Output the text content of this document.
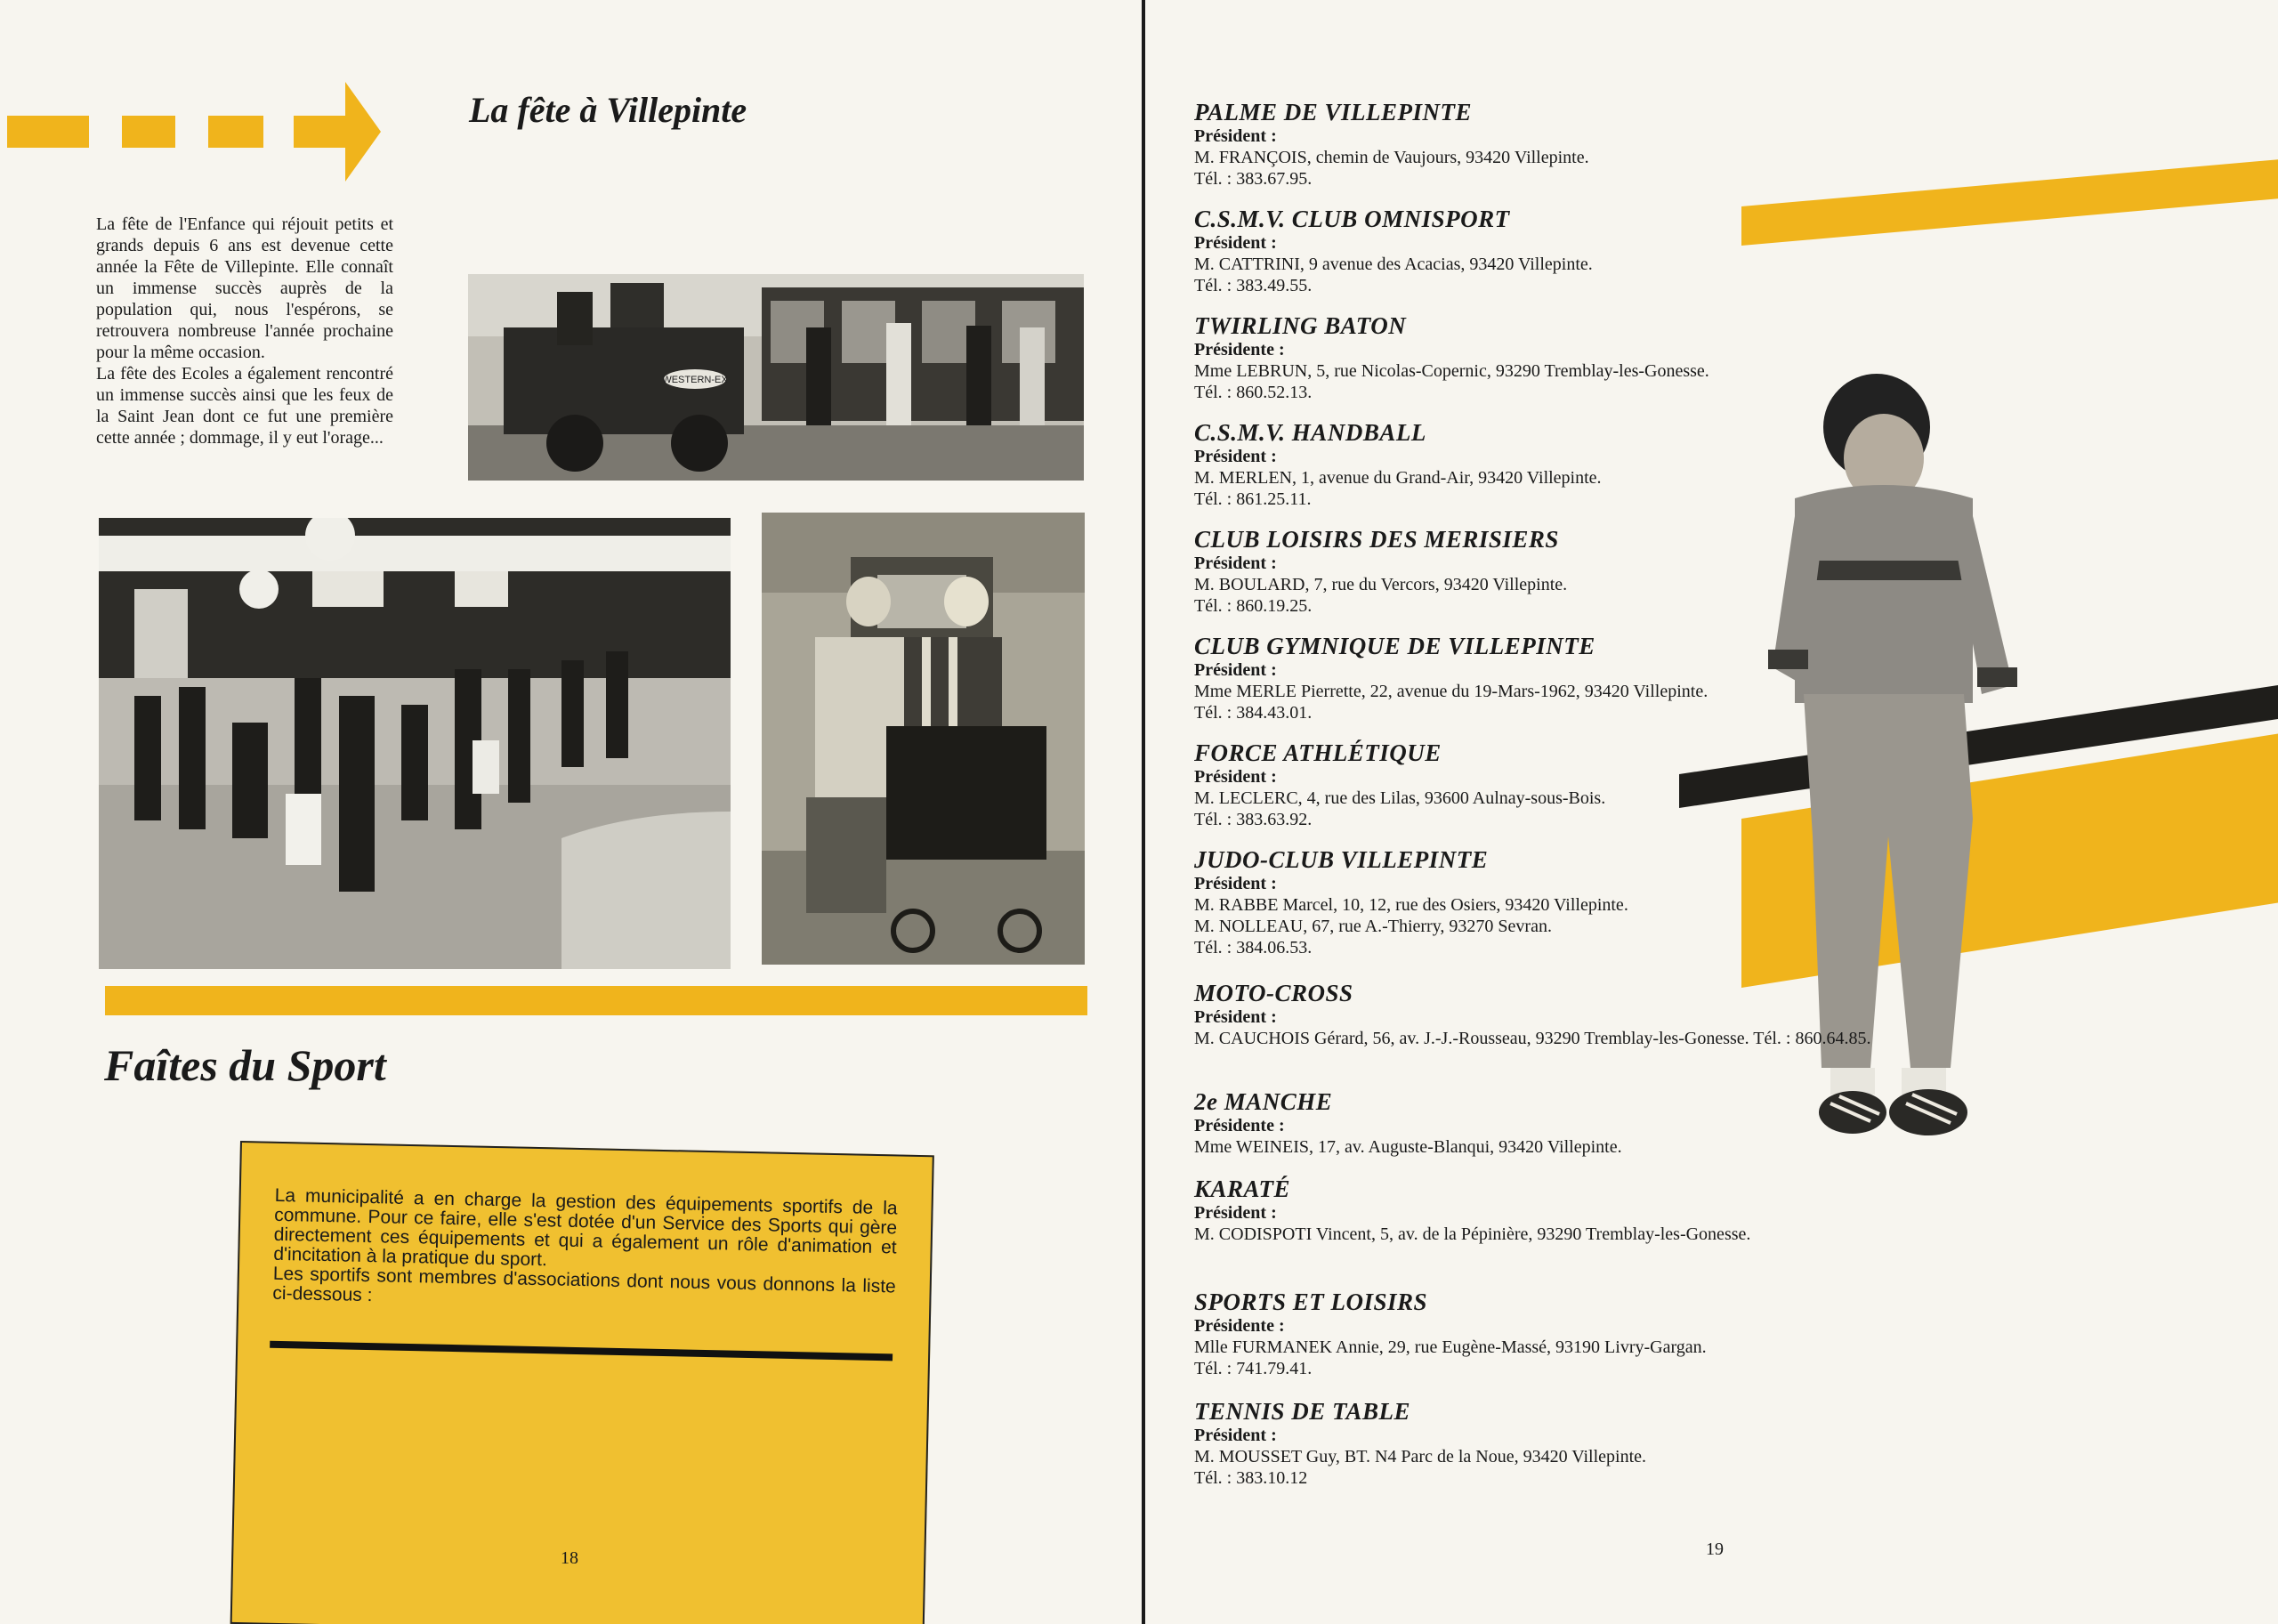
La fête à Villepinte

La fête de l'Enfance qui réjouit petits et grands depuis 6 ans est devenue cette année la Fête de Villepinte. Elle connaît un immense succès auprès de la population qui, nous l'espérons, se retrouvera nombreuse l'année prochaine pour la même occasion.

La fête des Ecoles a également rencontré un immense succès ainsi que les feux de la Saint Jean dont ce fut une première cette année ; dommage, il y eut l'orage...

WESTERN-EX
Faîtes du Sport

La municipalité a en charge la gestion des équipements sportifs de la commune. Pour ce faire, elle s'est dotée d'un Service des Sports qui gère directement ces équipements et qui a également un rôle d'animation et d'incitation à la pratique du sport.

Les sportifs sont membres d'associations dont nous vous donnons la liste ci-dessous :

18
PALME DE VILLEPINTE
Président :
M. FRANÇOIS, chemin de Vaujours, 93420 Villepinte.
Tél. : 383.67.95.
C.S.M.V. CLUB OMNISPORT
Président :
M. CATTRINI, 9 avenue des Acacias, 93420 Villepinte.
Tél. : 383.49.55.
TWIRLING BATON
Présidente :
Mme LEBRUN, 5, rue Nicolas-Copernic, 93290 Tremblay-les-Gonesse.
Tél. : 860.52.13.
C.S.M.V. HANDBALL
Président :
M. MERLEN, 1, avenue du Grand-Air, 93420 Villepinte.
Tél. : 861.25.11.
CLUB LOISIRS DES MERISIERS
Président :
M. BOULARD, 7, rue du Vercors, 93420 Villepinte.
Tél. : 860.19.25.
CLUB GYMNIQUE DE VILLEPINTE
Président :
Mme MERLE Pierrette, 22, avenue du 19-Mars-1962, 93420 Villepinte.
Tél. : 384.43.01.
FORCE ATHLÉTIQUE
Président :
M. LECLERC, 4, rue des Lilas, 93600 Aulnay-sous-Bois.
Tél. : 383.63.92.
JUDO-CLUB VILLEPINTE
Président :
M. RABBE Marcel, 10, 12, rue des Osiers, 93420 Villepinte.
M. NOLLEAU, 67, rue A.-Thierry, 93270 Sevran.
Tél. : 384.06.53.
MOTO-CROSS
Président :
M. CAUCHOIS Gérard, 56, av. J.-J.-Rousseau, 93290 Tremblay-les-Gonesse. Tél. : 860.64.85.
2e MANCHE
Présidente :
Mme WEINEIS, 17, av. Auguste-Blanqui, 93420 Villepinte.
KARATÉ
Président :
M. CODISPOTI Vincent, 5, av. de la Pépinière, 93290 Tremblay-les-Gonesse.
SPORTS ET LOISIRS
Présidente :
Mlle FURMANEK Annie, 29, rue Eugène-Massé, 93190 Livry-Gargan.
Tél. : 741.79.41.
TENNIS DE TABLE
Président :
M. MOUSSET Guy, BT. N4 Parc de la Noue, 93420 Villepinte.
Tél. : 383.10.12
19
